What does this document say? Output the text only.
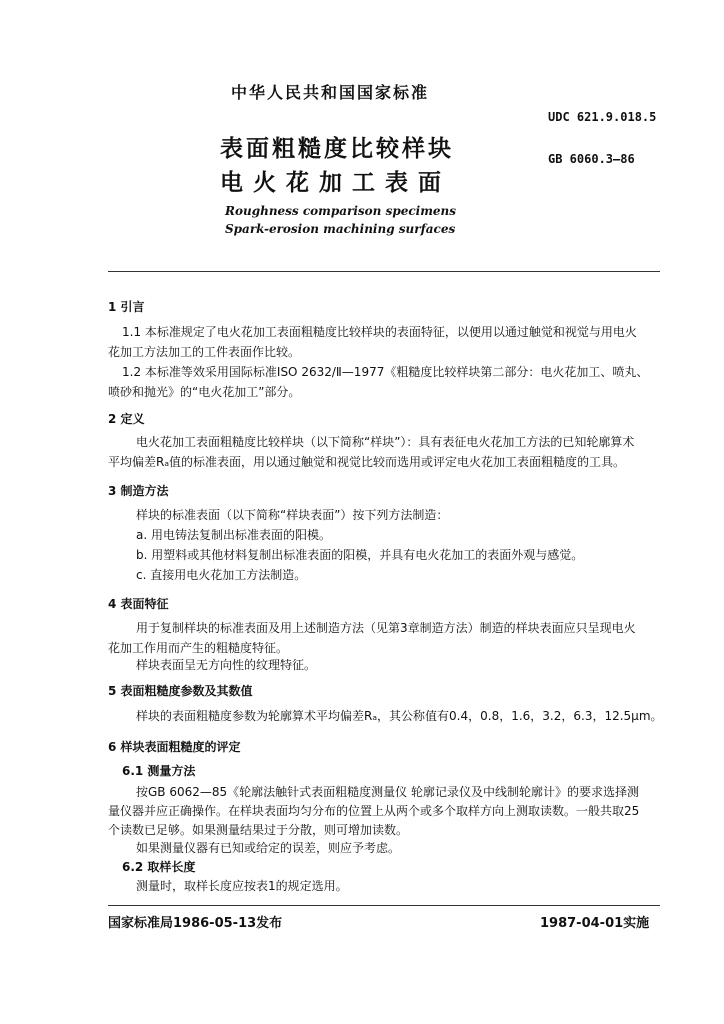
中华人民共和国国家标准
UDC 621.9.018.5
GB 6060.3—86
表面粗糙度比较样块
电火花加工表面
Roughness comparison specimens
Spark-erosion machining surfaces
1 引言
1.1 本标准规定了电火花加工表面粗糙度比较样块的表面特征，以便用以通过触觉和视觉与用电火
花加工方法加工的工件表面作比较。
1.2 本标准等效采用国际标准ISO 2632/Ⅱ—1977《粗糙度比较样块第二部分：电火花加工、喷丸、
喷砂和抛光》的“电火花加工”部分。
2 定义
电火花加工表面粗糙度比较样块（以下简称“样块”）：具有表征电火花加工方法的已知轮廓算术
平均偏差Rₐ值的标准表面，用以通过触觉和视觉比较而选用或评定电火花加工表面粗糙度的工具。
3 制造方法
样块的标准表面（以下简称“样块表面”）按下列方法制造：
a. 用电铸法复制出标准表面的阳模。
b. 用塑料或其他材料复制出标准表面的阳模，并具有电火花加工的表面外观与感觉。
c. 直接用电火花加工方法制造。
4 表面特征
用于复制样块的标准表面及用上述制造方法（见第3章制造方法）制造的样块表面应只呈现电火
花加工作用而产生的粗糙度特征。
样块表面呈无方向性的纹理特征。
5 表面粗糙度参数及其数值
样块的表面粗糙度参数为轮廓算术平均偏差Rₐ，其公称值有0.4，0.8，1.6，3.2，6.3，12.5μm。
6 样块表面粗糙度的评定
6.1 测量方法
按GB 6062—85《轮廓法触针式表面粗糙度测量仪 轮廓记录仪及中线制轮廓计》的要求选择测
量仪器并应正确操作。在样块表面均匀分布的位置上从两个或多个取样方向上测取读数。一般共取25
个读数已足够。如果测量结果过于分散，则可增加读数。
如果测量仪器有已知或给定的误差，则应予考虑。
6.2 取样长度
测量时，取样长度应按表1的规定选用。
国家标准局1986-05-13发布	1987-04-01实施
